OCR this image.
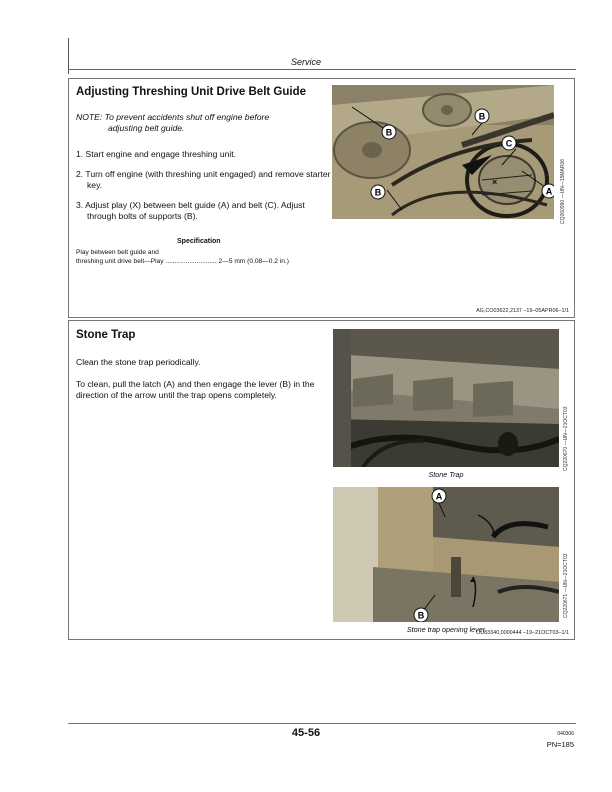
Service
Adjusting Threshing Unit Drive Belt Guide
NOTE: To prevent accidents shut off engine before
adjusting belt guide.
1. Start engine and engage threshing unit.
2. Turn off engine (with threshing unit engaged) and remove starter key.
3. Adjust play (X) between belt guide (A) and belt (C). Adjust through bolts of supports (B).
Specification
Play between belt guide and
threshing unit drive belt—Play ............................ 2—5 mm (0.08—0.2 in.)
×
B
B
B
C
A CQ260990 —UN—15MAR06
AG,CO03622,2137 –19–05APR06–1/1
Stone Trap

Clean the stone trap periodically.

To clean, pull the latch (A) and then engage the lever (B) in the direction of the arrow until the trap opens completely.

CQ220670 —UN—21OCT03
Stone Trap
A
B	CQ220671 —UN—21OCT03
Stone trap opening lever
OU83340,0000444 –19–21OCT03–1/1
45-56	040306
PN=185
